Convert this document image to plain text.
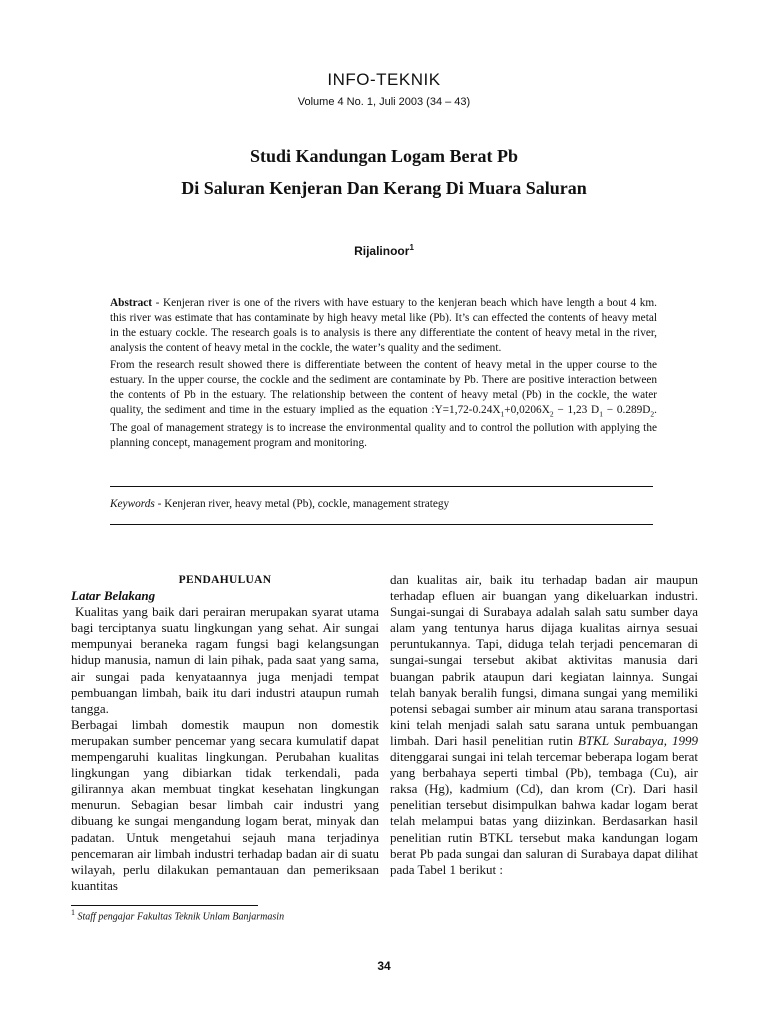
INFO-TEKNIK
Volume 4 No. 1, Juli 2003 (34 – 43)
Studi Kandungan Logam Berat Pb
Di Saluran Kenjeran Dan Kerang Di Muara Saluran
Rijalinoor$^1$

Abstract - Kenjeran river is one of the rivers with have estuary to the kenjeran beach which have length a bout 4 km. this river was estimate that has contaminate by high heavy metal like (Pb). It’s can effected the contents of heavy metal in the estuary cockle. The research goals is to analysis is there any differentiate the content of heavy metal in the river, analysis the content of heavy metal in the cockle, the water’s quality and the sediment.

From the research result showed there is differentiate between the content of heavy metal in the upper course to the estuary. In the upper course, the cockle and the sediment are contaminate by Pb. There are positive interaction between the contents of Pb in the estuary. The relationship between the content of heavy metal (Pb) in the cockle, the water quality, the sediment and time in the estuary implied as the equation $:Y=1,72-0.24X_1+0,0206X_2 - 1,23$ $D_1 - 0.289D_2$. The goal of management strategy is to increase the environmental quality and to control the pollution with applying the planning concept, management program and monitoring.

Keywords - Kenjeran river, heavy metal (Pb), cockle, management strategy

PENDAHULUAN

Latar Belakang

Kualitas yang baik dari perairan merupakan syarat utama bagi terciptanya suatu lingkungan yang sehat. Air sungai mempunyai beraneka ragam fungsi bagi kelangsungan hidup manusia, namun di lain pihak, pada saat yang sama, air sungai pada kenyataannya juga menjadi tempat pembuangan limbah, baik itu dari industri ataupun rumah tangga.

Berbagai limbah domestik maupun non domestik merupakan sumber pencemar yang secara kumulatif dapat mempengaruhi kualitas lingkungan. Perubahan kualitas lingkungan yang dibiarkan tidak terkendali, pada gilirannya akan membuat tingkat kesehatan lingkungan menurun. Sebagian besar limbah cair industri yang dibuang ke sungai mengandung logam berat, minyak dan padatan. Untuk mengetahui sejauh mana terjadinya pencemaran air limbah industri terhadap badan air di suatu wilayah, perlu dilakukan pemantauan dan pemeriksaan kuantitas

dan kualitas air, baik itu terhadap badan air maupun terhadap efluen air buangan yang dikeluarkan industri. Sungai-sungai di Surabaya adalah salah satu sumber daya alam yang tentunya harus dijaga kualitas airnya sesuai peruntukannya. Tapi, diduga telah terjadi pencemaran di sungai-sungai tersebut akibat aktivitas manusia dari buangan pabrik ataupun dari kegiatan lainnya. Sungai telah banyak beralih fungsi, dimana sungai yang memiliki potensi sebagai sumber air minum atau sarana transportasi kini telah menjadi salah satu sarana untuk pembuangan limbah. Dari hasil penelitian rutin BTKL Surabaya, 1999 ditenggarai sungai ini telah tercemar beberapa logam berat yang berbahaya seperti timbal (Pb), tembaga (Cu), air raksa (Hg), kadmium (Cd), dan krom (Cr). Dari hasil penelitian tersebut disimpulkan bahwa kadar logam berat telah melampui batas yang diizinkan. Berdasarkan hasil penelitian rutin BTKL tersebut maka kandungan logam berat Pb pada sungai dan saluran di Surabaya dapat dilihat pada Tabel 1 berikut :

$^1$ Staff pengajar Fakultas Teknik Unlam Banjarmasin
34
